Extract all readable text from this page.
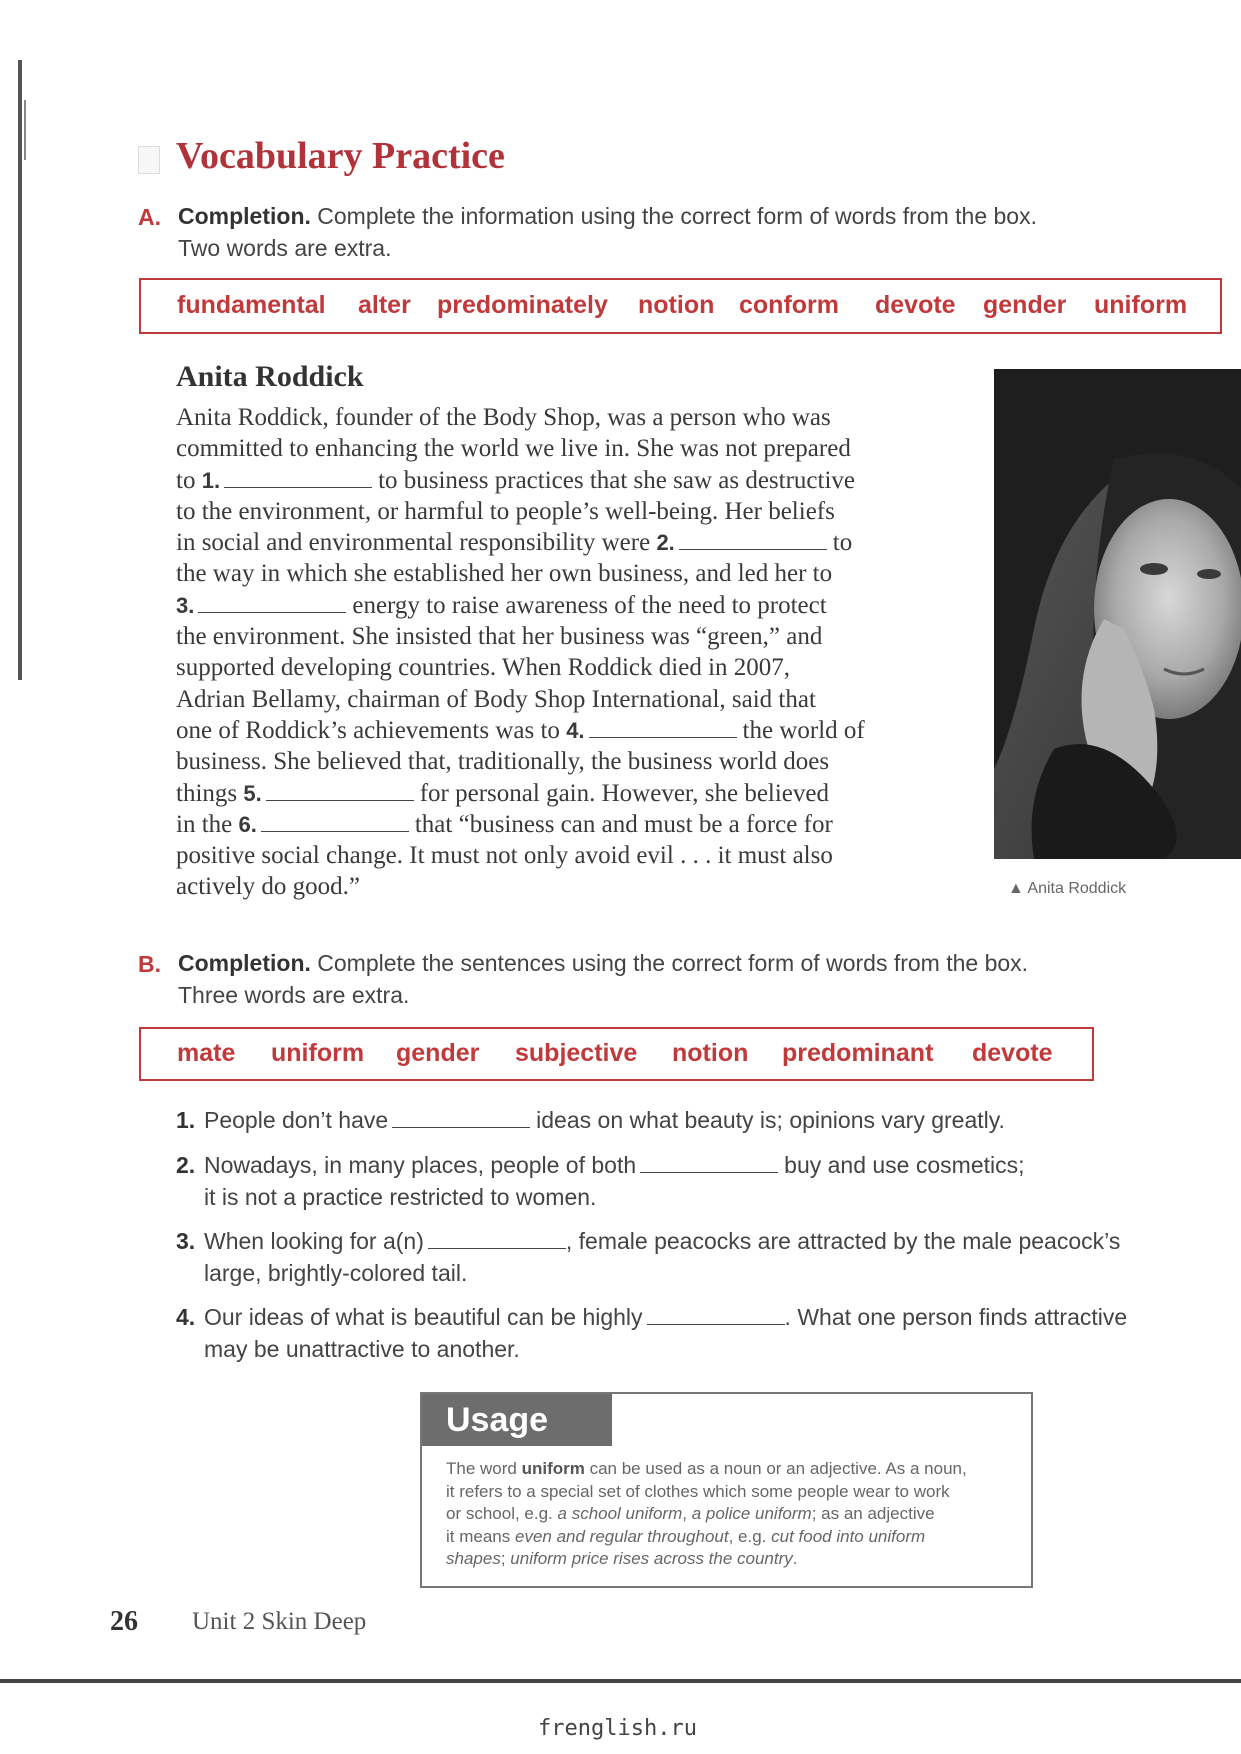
Vocabulary Practice
A. Completion. Complete the information using the correct form of words from the box.
Two words are extra.
fundamental alter predominately notion conform devote gender uniform
Anita Roddick
Anita Roddick, founder of the Body Shop, was a person who was
committed to enhancing the world we live in. She was not prepared
to 1.	to business practices that she saw as destructive
to the environment, or harmful to people’s well-being. Her beliefs
in social and environmental responsibility were 2.	to
the way in which she established her own business, and led her to
3.	energy to raise awareness of the need to protect
the environment. She insisted that her business was “green,” and
supported developing countries. When Roddick died in 2007,
Adrian Bellamy, chairman of Body Shop International, said that
one of Roddick’s achievements was to 4.	the world of
business. She believed that, traditionally, the business world does
things 5.	for personal gain. However, she believed
in the 6.	that “business can and must be a force for
positive social change. It must not only avoid evil . . . it must also
actively do good.”	▲ Anita Roddick
B. Completion. Complete the sentences using the correct form of words from the box.
Three words are extra.
mate uniform gender subjective notion predominant devote
1. People don’t have	ideas on what beauty is; opinions vary greatly.
2. Nowadays, in many places, people of both	buy and use cosmetics;
it is not a practice restricted to women.
3. When looking for a(n)	, female peacocks are attracted by the male peacock’s
large, brightly-colored tail.
4. Our ideas of what is beautiful can be highly	. What one person finds attractive
may be unattractive to another.
Usage
The word uniform can be used as a noun or an adjective. As a noun,
it refers to a special set of clothes which some people wear to work
or school, e.g. a school uniform, a police uniform; as an adjective
it means even and regular throughout, e.g. cut food into uniform
shapes; uniform price rises across the country.
26 Unit 2 Skin Deep
frenglish.ru
